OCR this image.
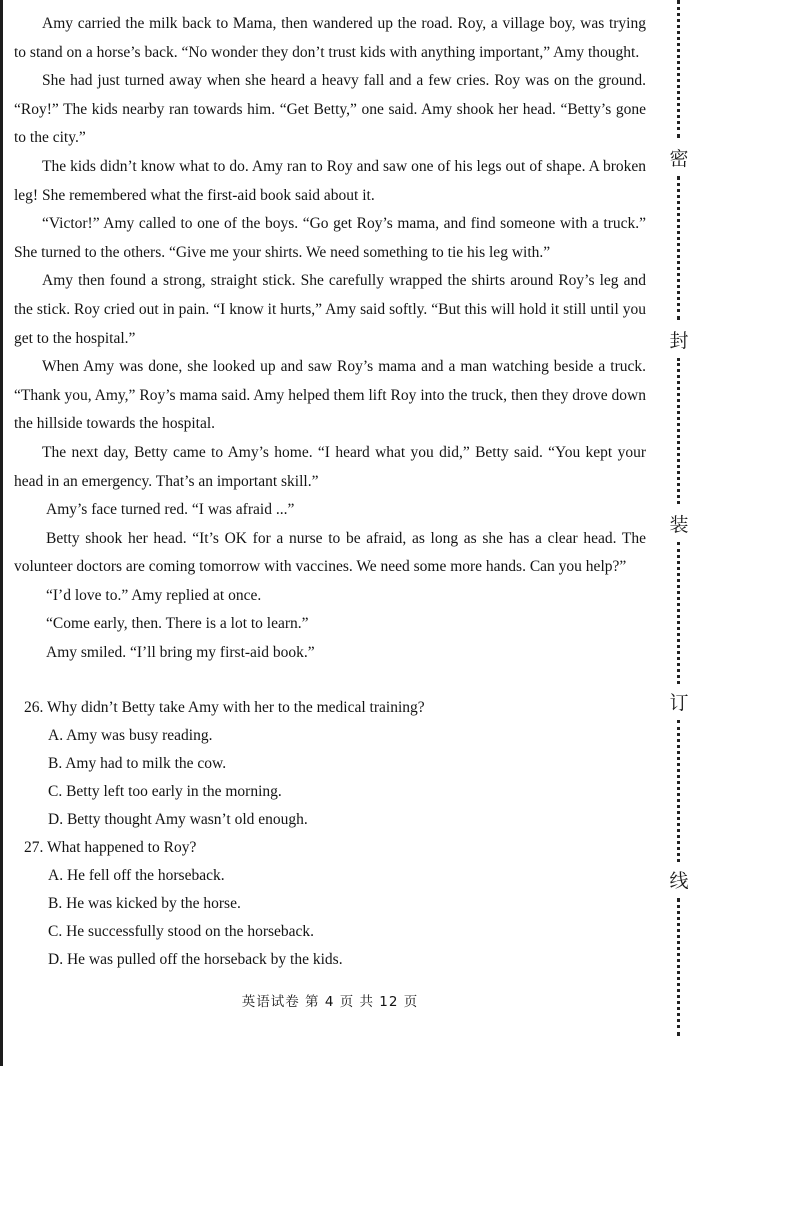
Amy carried the milk back to Mama, then wandered up the road. Roy, a village boy, was trying to stand on a horse’s back. “No wonder they don’t trust kids with anything important,” Amy thought.

She had just turned away when she heard a heavy fall and a few cries. Roy was on the ground. “Roy!” The kids nearby ran towards him. “Get Betty,” one said. Amy shook her head. “Betty’s gone to the city.”

The kids didn’t know what to do. Amy ran to Roy and saw one of his legs out of shape. A broken leg! She remembered what the first-aid book said about it.

“Victor!” Amy called to one of the boys. “Go get Roy’s mama, and find someone with a truck.” She turned to the others. “Give me your shirts. We need something to tie his leg with.”

Amy then found a strong, straight stick. She carefully wrapped the shirts around Roy’s leg and the stick. Roy cried out in pain. “I know it hurts,” Amy said softly. “But this will hold it still until you get to the hospital.”

When Amy was done, she looked up and saw Roy’s mama and a man watching beside a truck. “Thank you, Amy,” Roy’s mama said. Amy helped them lift Roy into the truck, then they drove down the hillside towards the hospital.

The next day, Betty came to Amy’s home. “I heard what you did,” Betty said. “You kept your head in an emergency. That’s an important skill.”

Amy’s face turned red. “I was afraid ...”

Betty shook her head. “It’s OK for a nurse to be afraid, as long as she has a clear head. The volunteer doctors are coming tomorrow with vaccines. We need some more hands. Can you help?”

“I’d love to.” Amy replied at once.

“Come early, then. There is a lot to learn.”

Amy smiled. “I’ll bring my first-aid book.”

26. Why didn’t Betty take Amy with her to the medical training?

A. Amy was busy reading.

B. Amy had to milk the cow.

C. Betty left too early in the morning.

D. Betty thought Amy wasn’t old enough.

27. What happened to Roy?

A. He fell off the horseback.

B. He was kicked by the horse.

C. He successfully stood on the horseback.

D. He was pulled off the horseback by the kids.

英语试卷 第 4 页 共 12 页
密
封
装
订
线
